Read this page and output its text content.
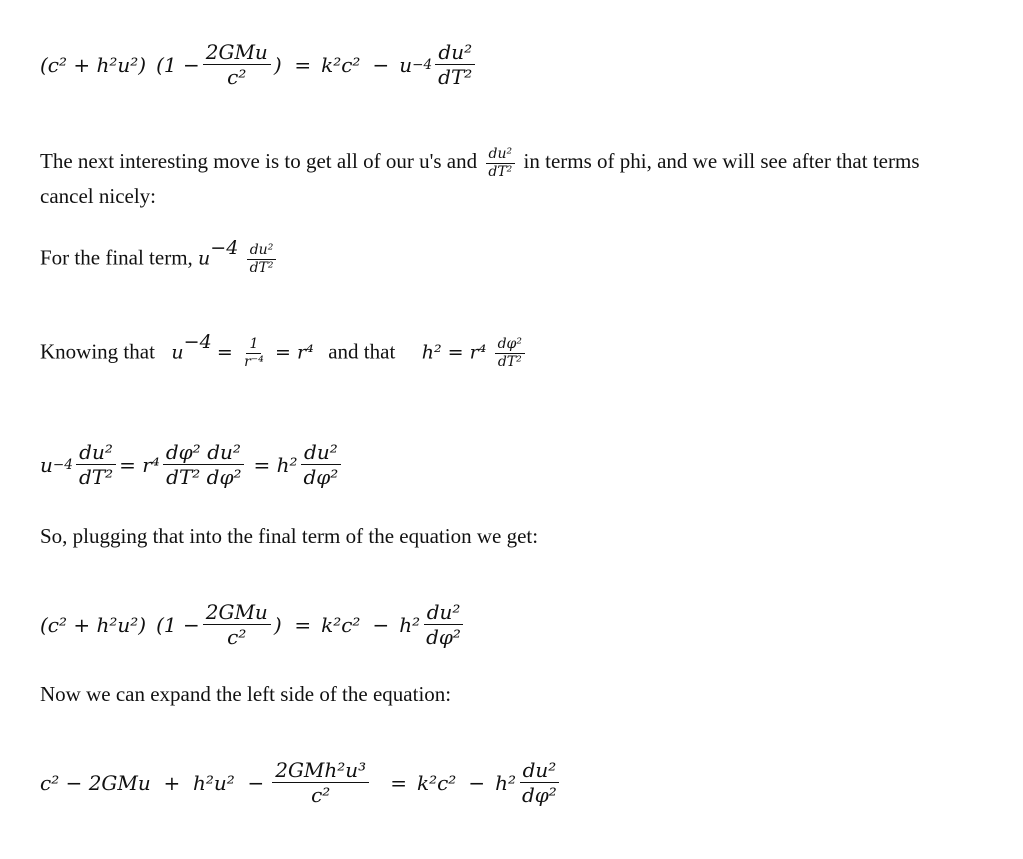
(c² + h²u²) ($1 - \frac{\text{2GMu}}{\text{c²}}$ )  = $k^2c^2 - u -4 \frac{\text{du²}}{\text{dT²}}$
The next interesting move is to get all of our u's and $\frac{\text{du²}}{\text{dT²}}$ in terms of phi, and we will see after that terms
cancel nicely:
For the final term, $u-4 \frac{\text{du²}}{\text{dT²}}$
Knowing that $u-4 = \frac{1}{\text{r⁻⁴}} = r^4$ and that $h^2 = r^4 \frac{\text{dφ²}}{\text{dT²}}$
$u -4 \frac{\text{du²}}{\text{dT²}} = r^4 \frac{\text{dφ²}}{\text{dT²}} \frac{\text{du²}}{\text{dφ²}} = h^2 \frac{\text{du²}}{\text{dφ²}}$
So, plugging that into the final term of the equation we get:
(c² + h²u²) ($1 - \frac{\text{2GMu}}{\text{c²}}$ )  = $k^2c^2 - h^2 \frac{\text{du²}}{\text{dφ²}}$
Now we can expand the left side of the equation:
$c^2 - 2GMu + h^2u^2 - \frac{\text{2GMh²u³}}{\text{c²}} = k^2c^2 - h^2 \frac{\text{du²}}{\text{dφ²}}$
